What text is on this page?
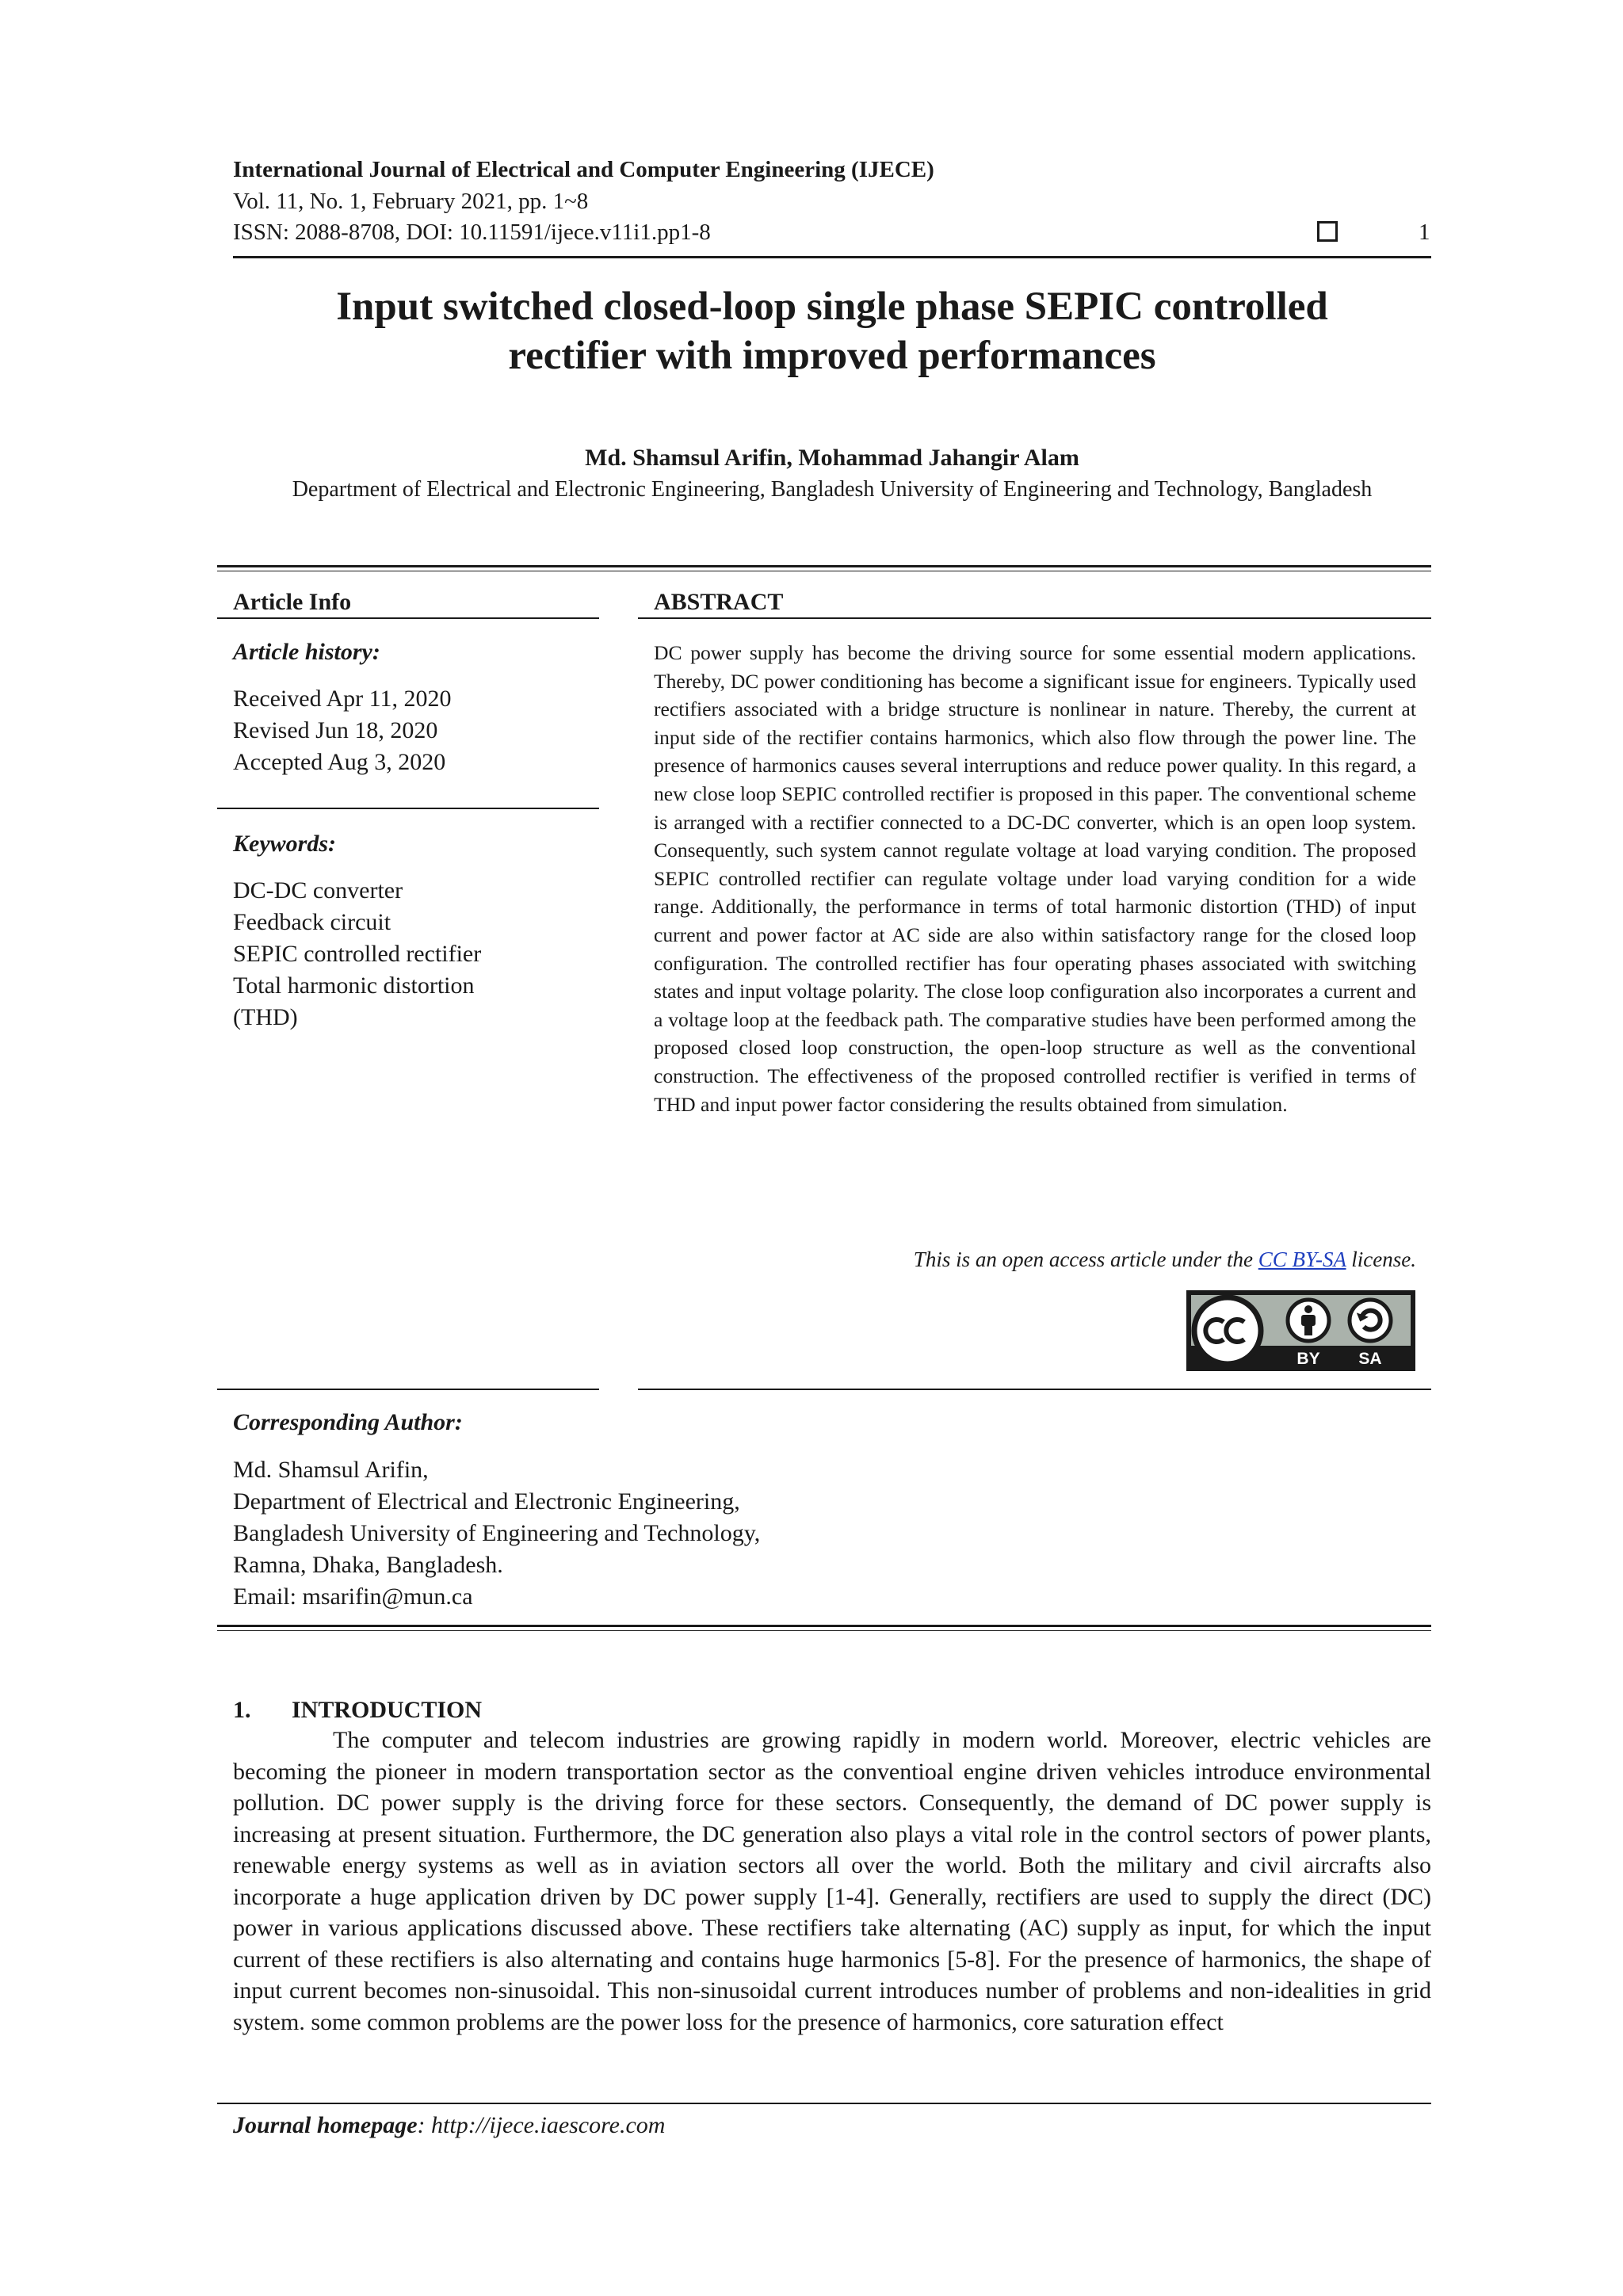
International Journal of Electrical and Computer Engineering (IJECE)
Vol. 11, No. 1, February 2021, pp. 1~8
ISSN: 2088-8708, DOI: 10.11591/ijece.v11i1.pp1-8	1
Input switched closed-loop single phase SEPIC controlled
rectifier with improved performances
Md. Shamsul Arifin, Mohammad Jahangir Alam
Department of Electrical and Electronic Engineering, Bangladesh University of Engineering and Technology, Bangladesh
Article Info
Article history:
Received Apr 11, 2020
Revised Jun 18, 2020
Accepted Aug 3, 2020
Keywords:
DC-DC converter
Feedback circuit
SEPIC controlled rectifier
Total harmonic distortion
(THD)
ABSTRACT
DC power supply has become the driving source for some essential modern applications. Thereby, DC power conditioning has become a significant issue for engineers. Typically used rectifiers associated with a bridge structure is nonlinear in nature. Thereby, the current at input side of the rectifier contains harmonics, which also flow through the power line. The presence of harmonics causes several interruptions and reduce power quality. In this regard, a new close loop SEPIC controlled rectifier is proposed in this paper. The conventional scheme is arranged with a rectifier connected to a DC-DC converter, which is an open loop system. Consequently, such system cannot regulate voltage at load varying condition. The proposed SEPIC controlled rectifier can regulate voltage under load varying condition for a wide range. Additionally, the performance in terms of total harmonic distortion (THD) of input current and power factor at AC side are also within satisfactory range for the closed loop configuration. The controlled rectifier has four operating phases associated with switching states and input voltage polarity. The close loop configuration also incorporates a current and a voltage loop at the feedback path. The comparative studies have been performed among the proposed closed loop construction, the open-loop structure as well as the conventional construction. The effectiveness of the proposed controlled rectifier is verified in terms of THD and input power factor considering the results obtained from simulation.
This is an open access article under the CC BY-SA license.
BY SA
Corresponding Author:
Md. Shamsul Arifin,
Department of Electrical and Electronic Engineering,
Bangladesh University of Engineering and Technology,
Ramna, Dhaka, Bangladesh.
Email: msarifin@mun.ca
1. INTRODUCTION

The computer and telecom industries are growing rapidly in modern world. Moreover, electric vehicles are becoming the pioneer in modern transportation sector as the conventioal engine driven vehicles introduce environmental pollution. DC power supply is the driving force for these sectors. Consequently, the demand of DC power supply is increasing at present situation. Furthermore, the DC generation also plays a vital role in the control sectors of power plants, renewable energy systems as well as in aviation sectors all over the world. Both the military and civil aircrafts also incorporate a huge application driven by DC power supply [1-4]. Generally, rectifiers are used to supply the direct (DC) power in various applications discussed above. These rectifiers take alternating (AC) supply as input, for which the input current of these rectifiers is also alternating and contains huge harmonics [5-8]. For the presence of harmonics, the shape of input current becomes non-sinusoidal. This non-sinusoidal current introduces number of problems and non-idealities in grid system. some common problems are the power loss for the presence of harmonics, core saturation effect

Journal homepage: http://ijece.iaescore.com
